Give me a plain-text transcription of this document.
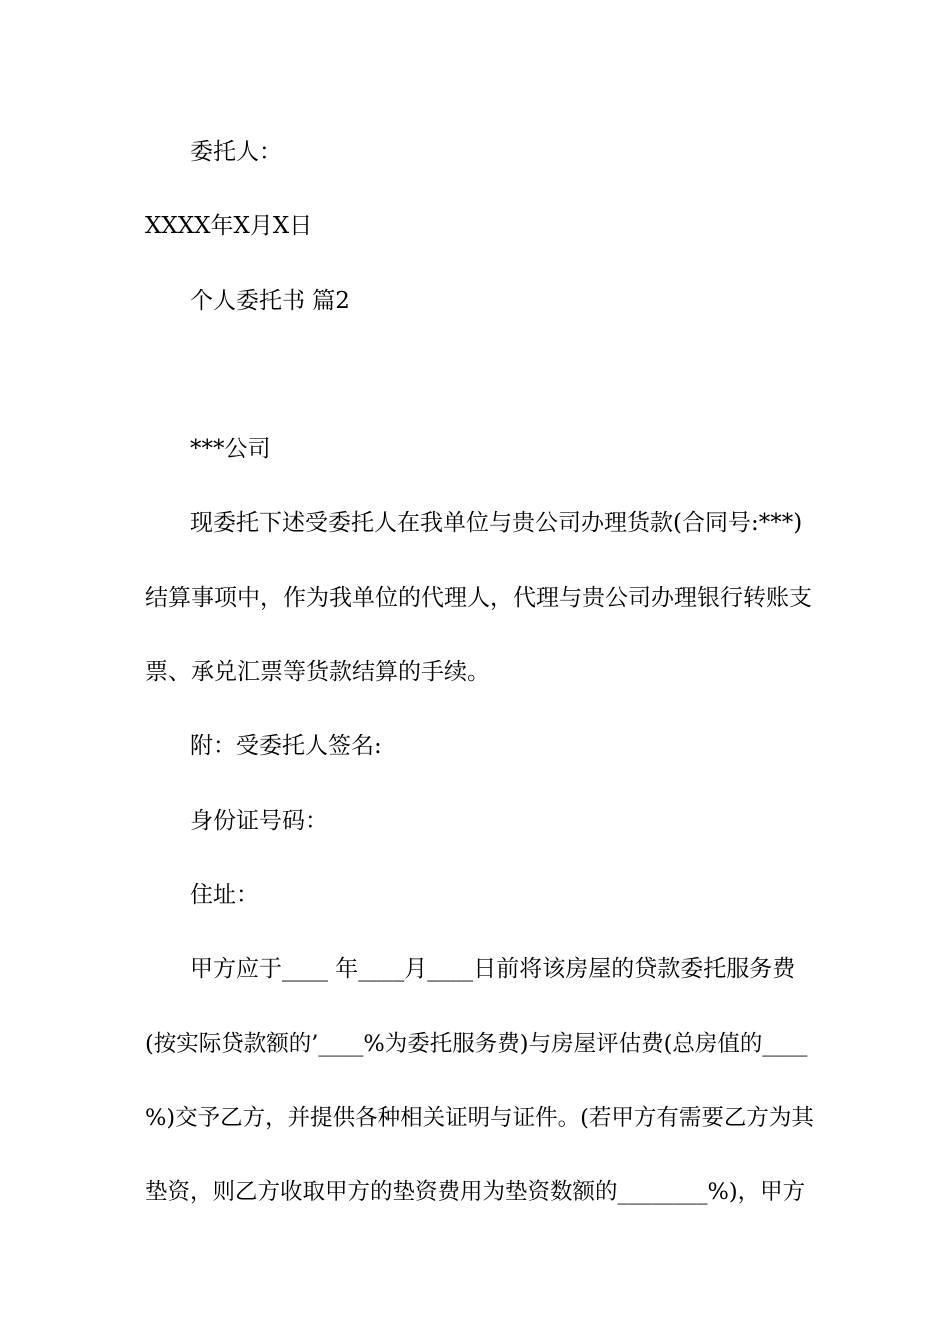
委托人：
XXXX年X月X日
个人委托书 篇2
***公司
现委托下述受委托人在我单位与贵公司办理货款(合同号:***)
结算事项中，作为我单位的代理人，代理与贵公司办理银行转账支
票、承兑汇票等货款结算的手续。
附：受委托人签名:
身份证号码：
住址：
甲方应于____ 年____月____日前将该房屋的贷款委托服务费
(按实际贷款额的’____%为委托服务费)与房屋评估费(总房值的____
%)交予乙方，并提供各种相关证明与证件。(若甲方有需要乙方为其
垫资，则乙方收取甲方的垫资费用为垫资数额的________%)，甲方
